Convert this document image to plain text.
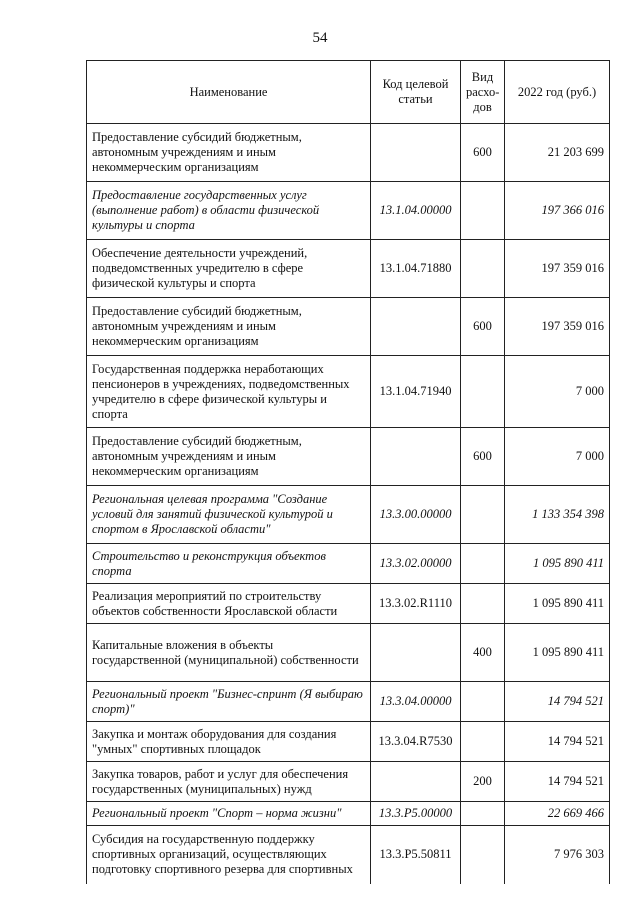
54
Наименование	Код целевой статьи	Вид расхо-дов	2022 год (руб.)
Предоставление субсидий бюджетным, автономным учреждениям и иным некоммерческим организациям		600	21 203 699
Предоставление государственных услуг (выполнение работ) в области физической культуры и спорта	13.1.04.00000		197 366 016
Обеспечение деятельности учреждений, подведомственных учредителю в сфере физической культуры и спорта	13.1.04.71880		197 359 016
Предоставление субсидий бюджетным, автономным учреждениям и иным некоммерческим организациям		600	197 359 016
Государственная поддержка неработающих пенсионеров в учреждениях, подведомственных учредителю в сфере физической культуры и спорта	13.1.04.71940		7 000
Предоставление субсидий бюджетным, автономным учреждениям и иным некоммерческим организациям		600	7 000
Региональная целевая программа "Создание условий для занятий физической культурой и спортом в Ярославской области"	13.3.00.00000		1 133 354 398
Строительство и реконструкция объектов спорта	13.3.02.00000		1 095 890 411
Реализация мероприятий по строительству объектов собственности Ярославской области	13.3.02.R1110		1 095 890 411
Капитальные вложения в объекты государственной (муниципальной) собственности		400	1 095 890 411
Региональный проект "Бизнес-спринт (Я выбираю спорт)"	13.3.04.00000		14 794 521
Закупка и монтаж оборудования для создания "умных" спортивных площадок	13.3.04.R7530		14 794 521
Закупка товаров, работ и услуг для обеспечения государственных (муниципальных) нужд		200	14 794 521
Региональный проект "Спорт – норма жизни"	13.3.P5.00000		22 669 466
Субсидия на государственную поддержку спортивных организаций, осуществляющих подготовку спортивного резерва для спортивных	13.3.P5.50811		7 976 303
